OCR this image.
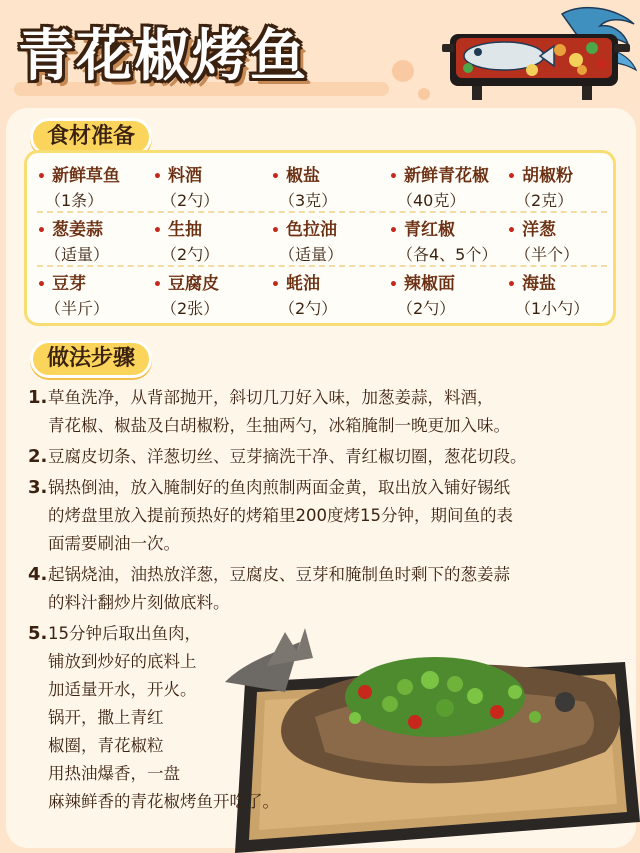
青花椒烤鱼
食材准备
• 新鲜草鱼
（1条）
• 料酒
（2勺）
• 椒盐
（3克）
• 新鲜青花椒
（40克）
• 胡椒粉
（2克）
• 葱姜蒜
（适量）
• 生抽
（2勺）
• 色拉油
（适量）
• 青红椒
（各4、5个）
• 洋葱
（半个）
• 豆芽
（半斤）
• 豆腐皮
（2张）
• 蚝油
（2勺）
• 辣椒面
（2勺）
• 海盐
（1小勺）
做法步骤
1. 草鱼洗净，从背部抛开，斜切几刀好入味，加葱姜蒜，料酒，
青花椒、椒盐及白胡椒粉，生抽两勺，冰箱腌制一晚更加入味。
2. 豆腐皮切条、洋葱切丝、豆芽摘洗干净、青红椒切圈，葱花切段。
3. 锅热倒油，放入腌制好的鱼肉煎制两面金黄，取出放入铺好锡纸
的烤盘里放入提前预热好的烤箱里200度烤15分钟，期间鱼的表
面需要刷油一次。
4. 起锅烧油，油热放洋葱，豆腐皮、豆芽和腌制鱼时剩下的葱姜蒜
的料汁翻炒片刻做底料。
5. 15分钟后取出鱼肉，
铺放到炒好的底料上
加适量开水，开火。
锅开，撒上青红
椒圈，青花椒粒
用热油爆香，一盘
麻辣鲜香的青花椒烤鱼开吃了。
